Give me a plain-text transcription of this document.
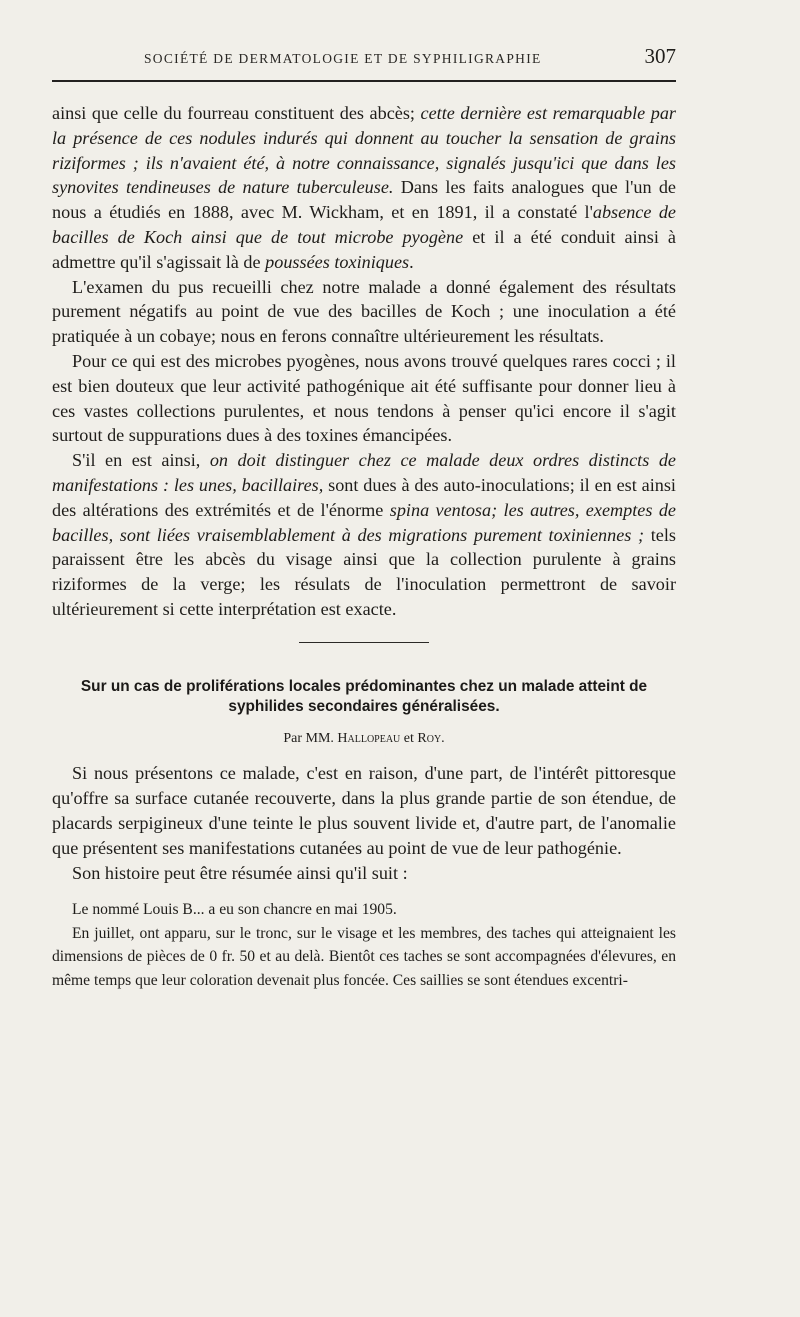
SOCIÉTÉ DE DERMATOLOGIE ET DE SYPHILIGRAPHIE	307

ainsi que celle du fourreau constituent des abcès; cette dernière est remarquable par la présence de ces nodules indurés qui donnent au toucher la sensation de grains riziformes ; ils n'avaient été, à notre connaissance, signalés jusqu'ici que dans les synovites tendineuses de nature tuberculeuse. Dans les faits analogues que l'un de nous a étudiés en 1888, avec M. Wickham, et en 1891, il a constaté l'absence de bacilles de Koch ainsi que de tout microbe pyogène et il a été conduit ainsi à admettre qu'il s'agissait là de poussées toxiniques.

L'examen du pus recueilli chez notre malade a donné également des résultats purement négatifs au point de vue des bacilles de Koch ; une inoculation a été pratiquée à un cobaye; nous en ferons connaître ultérieurement les résultats.

Pour ce qui est des microbes pyogènes, nous avons trouvé quelques rares cocci ; il est bien douteux que leur activité pathogénique ait été suffisante pour donner lieu à ces vastes collections purulentes, et nous tendons à penser qu'ici encore il s'agit surtout de suppurations dues à des toxines émancipées.

S'il en est ainsi, on doit distinguer chez ce malade deux ordres distincts de manifestations : les unes, bacillaires, sont dues à des auto-inoculations; il en est ainsi des altérations des extrémités et de l'énorme spina ventosa; les autres, exemptes de bacilles, sont liées vraisemblablement à des migrations purement toxiniennes ; tels paraissent être les abcès du visage ainsi que la collection purulente à grains riziformes de la verge; les résulats de l'inoculation permettront de savoir ultérieurement si cette interprétation est exacte.

Sur un cas de proliférations locales prédominantes chez un malade atteint de syphilides secondaires généralisées.

Par MM. Hallopeau et Roy.

Si nous présentons ce malade, c'est en raison, d'une part, de l'intérêt pittoresque qu'offre sa surface cutanée recouverte, dans la plus grande partie de son étendue, de placards serpigineux d'une teinte le plus souvent livide et, d'autre part, de l'anomalie que présentent ses manifestations cutanées au point de vue de leur pathogénie.

Son histoire peut être résumée ainsi qu'il suit :

Le nommé Louis B... a eu son chancre en mai 1905.

En juillet, ont apparu, sur le tronc, sur le visage et les membres, des taches qui atteignaient les dimensions de pièces de 0 fr. 50 et au delà. Bientôt ces taches se sont accompagnées d'élevures, en même temps que leur coloration devenait plus foncée. Ces saillies se sont étendues excentri-
